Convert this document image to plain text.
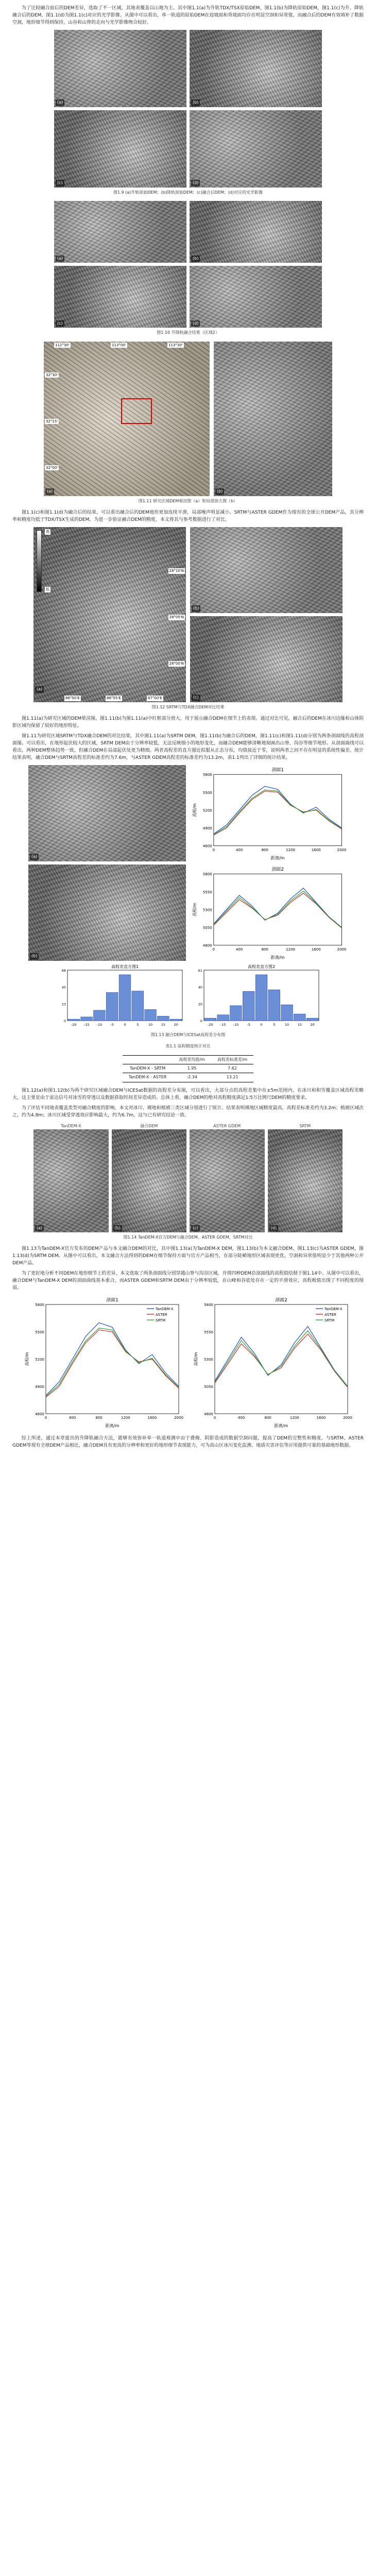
为了比较融合前后的DEM差异，选取了不一区域，其地表覆盖以山地为主。其中图1.1(a)为升轨TDX/TSX原始DEM，图1.1(b)为降轨原始DEM，图1.1(c)为升、降轨融合后的DEM，图1.1(d)为图1.1(c)对应的光学影像。从图中可以看出，单一轨道的原始DEM在迎坡面和背坡面均存在明显空洞和异常值，而融合后的DEM有效填补了数据空洞，地形细节得到保持，山谷和山脊的走向与光学影像吻合较好。

(a)	(b)
(c)	(d)
图1.9 (a)升轨原始DEM；(b)降轨原始DEM；(c)融合后DEM；(d)对应的光学影像
(a)	(b)
(c)	(d)
图1.10 升降轨融合结果（区域2）
112°30'	113°00'	113°30'
32°30'
32°15'
32°00'
(a)	(b)
图1.11 研究区域DEM晕渲图（a）和局部放大图（b）

图1.1(c)和图1.1(d)为融合后的结果，可以看出融合后的DEM地形更加连续平滑，局部噪声明显减小。SRTM与ASTER GDEM作为现有的全球公开DEM产品，其分辨率和精度均低于TDX/TSX生成的DEM，为进一步验证融合DEM的精度，本文将其与参考数据进行了对比。

高
低
86°50'E	86°55'E	87°00'E
28°10'N
28°05'N
28°00'N
(a)
(b)
(c)
图1.12 SRTM与TDX融合DEM对比结果

图1.11(a)为研究区域的DEM晕渲图，图1.11(b)为图1.11(a)中红框部分放大，用于展示融合DEM在细节上的表现。通过对比可见，融合后的DEM在冰川边缘和山体阴影区域均保留了较好的地形特征。

图1.11为研究区域SRTM与TDX融合DEM的对比结果，其中图1.11(a)为SRTM DEM，图1.11(b)为融合后的DEM，图1.11(c)和图1.11(d)分别为两条剖面线的高程剖面图。可以看出，在地形起伏较大的区域，SRTM DEM由于分辨率较低，无法反映细小的地形变化，而融合DEM能够清晰地刻画出山脊、沟谷等细节地形。从剖面曲线可以看出，两种DEM整体趋势一致，但融合DEM在局部起伏处更为精细。两者高程差的直方图近似服从正态分布，均值接近于零，说明两者之间不存在明显的系统性偏差。统计结果表明，融合DEM与SRTM高程差的标准差约为7.6m，与ASTER GDEM高程差的标准差约为13.2m，表1.1列出了详细的统计结果。

(a)
(b)
剖面1
4600
4900
5200
5500
5800
0	400	800	1200	1600	2000
距离/m
高程/m
剖面2
4800
5050
5300
5550
5800
0	400	800	1200	1600	2000
距离/m
高程/m
高程差直方图1
-20 -15 -10 -5	0	5	10	15	20
0
23
45
68
高程差直方图2
-20 -15 -10 -5	0	5	10	15	20
0
20
40
61
图1.13 融合DEM与ICESat高程差分布图
表1.1 高程精度统计对比
	高程差均值/m	高程差标准差/m
TanDEM-X - SRTM	1.95	7.62
TanDEM-X - ASTER	-2.34	13.21

图1.12(a)和图1.12(b)为两个研究区域融合DEM与ICESat数据的高程差分布图，可以看出，大部分点的高程差集中在±5m范围内，在冰川和积雪覆盖区域高程差略大，这主要是由于雷达信号对冰雪的穿透以及数据获取时间差异造成的。总体上看，融合DEM的绝对高程精度满足1:5万比例尺DEM的精度要求。

为了评估不同地表覆盖类型对融合精度的影响，本文对冰川、裸地和植被三类区域分别进行了统计。结果表明裸地区域精度最高，高程差标准差约为3.2m；植被区域次之，约为4.8m；冰川区域受穿透效应影响最大，约为6.7m，这与已有研究结论一致。

TanDEM-X
(a)
融合DEM
(b)
ASTER GDEM
(c)
SRTM
(d)
图1.14 TanDEM-X官方DEM与融合DEM、ASTER GDEM、SRTM对比

图1.13为TanDEM-X官方发布的DEM产品与本文融合DEM的对比，其中图1.13(a)为TanDEM-X DEM，图1.13(b)为本文融合DEM，图1.13(c)为ASTER GDEM，图1.13(d)为SRTM DEM。从图中可以看出，本文融合方法得到的DEM在细节保持方面与官方产品相当，在部分陡峭地形区域表现更优，空洞和异常值明显少于其他两种公开DEM产品。

为了更好地分析不同DEM在地形细节上的差异，本文选取了两条剖面线分别穿越山脊与沟谷区域，并将四种DEM沿剖面线的高程值绘制于图1.14中。从图中可以看出，融合DEM与TanDEM-X DEM的剖面曲线基本重合，而ASTER GDEM和SRTM DEM由于分辨率较低，在山峰和谷底处存在一定的平滑效应，高程极值出现了不同程度的削弱。

剖面1
4600
4900
5200
5500
5800
0	400	800	1200	1600	2000
距离/m
高程/m
TanDEM-X
ASTER
SRTM
剖面2
4800
5050
5300
5550
5800
0	400	800	1200	1600	2000
距离/m
高程/m
TanDEM-X
ASTER
SRTM

综上所述，通过本章提出的升降轨融合方法，能够有效弥补单一轨道观测中由于叠掩、阴影造成的数据空洞问题，提高了DEM的完整性和精度。与SRTM、ASTER GDEM等现有全球DEM产品相比，融合DEM具有更高的分辨率和更好的地形细节表现能力，可为高山区冰川变化监测、地质灾害评估等应用提供可靠的基础地形数据。
